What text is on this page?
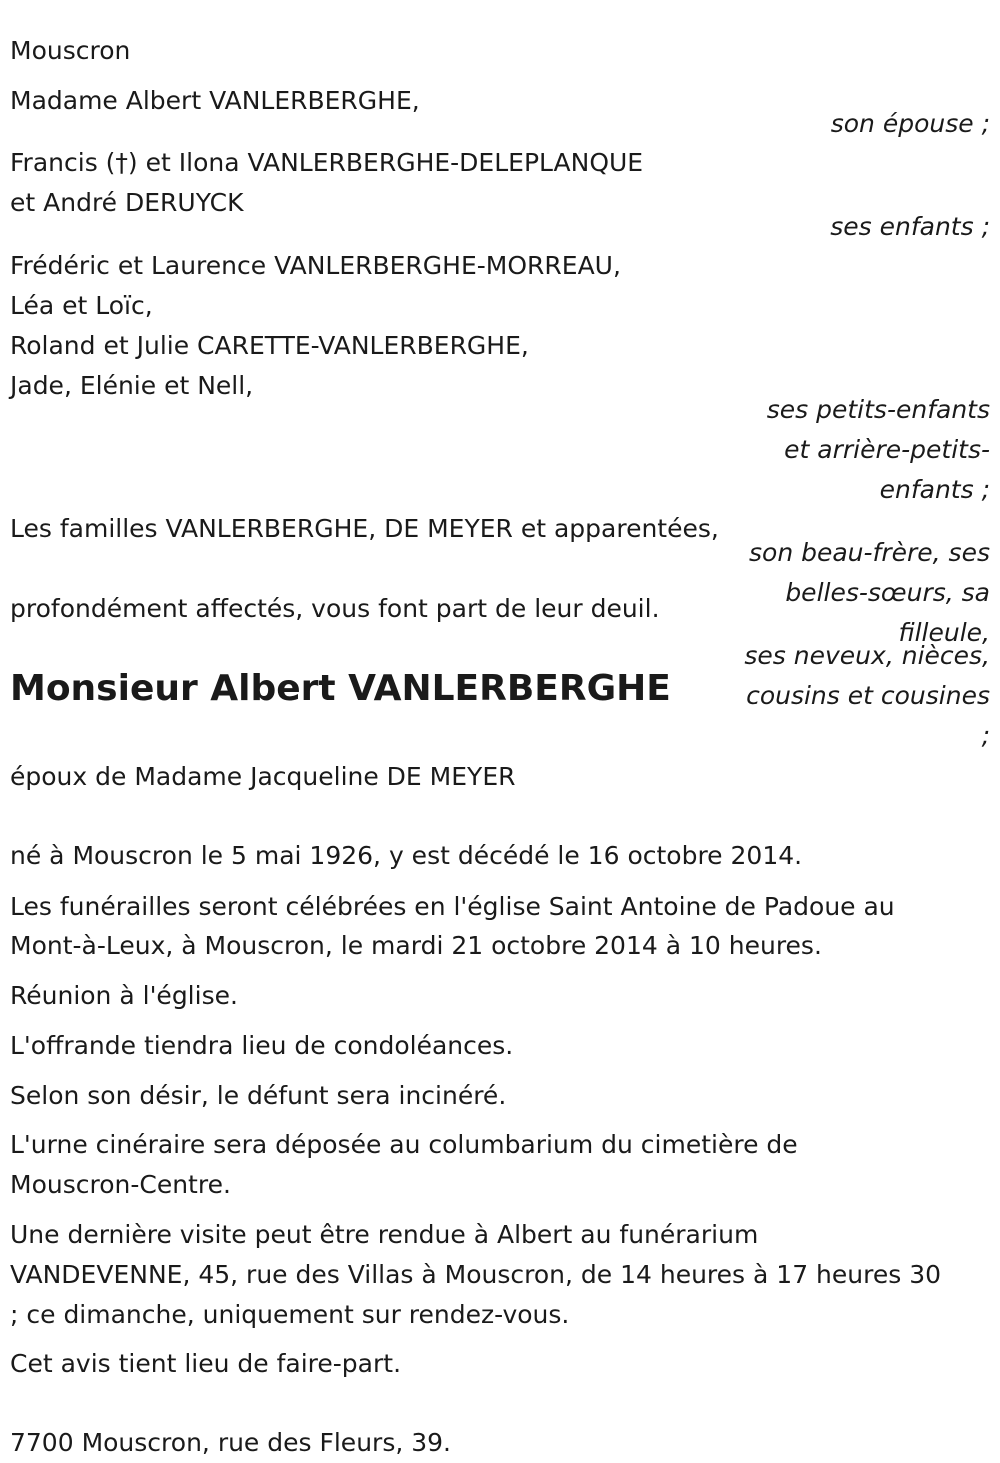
Mouscron

Madame Albert VANLERBERGHE,

son épouse ;

Francis (†) et Ilona VANLERBERGHE-DELEPLANQUE

et André DERUYCK

ses enfants ;

Frédéric et Laurence VANLERBERGHE-MORREAU,

Léa et Loïc,

Roland et Julie CARETTE-VANLERBERGHE,

Jade, Elénie et Nell,

ses petits-enfants

et arrière-petits-

enfants ;

Les familles VANLERBERGHE, DE MEYER et apparentées,

son beau-frère, ses

belles-sœurs, sa

filleule,

profondément affectés, vous font part de leur deuil.

ses neveux, nièces,

cousins et cousines

;

Monsieur Albert VANLERBERGHE

époux de Madame Jacqueline DE MEYER

né à Mouscron le 5 mai 1926, y est décédé le 16 octobre 2014.

Les funérailles seront célébrées en l'église Saint Antoine de Padoue au

Mont-à-Leux, à Mouscron, le mardi 21 octobre 2014 à 10 heures.

Réunion à l'église.

L'offrande tiendra lieu de condoléances.

Selon son désir, le défunt sera incinéré.

L'urne cinéraire sera déposée au columbarium du cimetière de

Mouscron-Centre.

Une dernière visite peut être rendue à Albert au funérarium

VANDEVENNE, 45, rue des Villas à Mouscron, de 14 heures à 17 heures 30

; ce dimanche, uniquement sur rendez-vous.

Cet avis tient lieu de faire-part.

7700 Mouscron, rue des Fleurs, 39.
